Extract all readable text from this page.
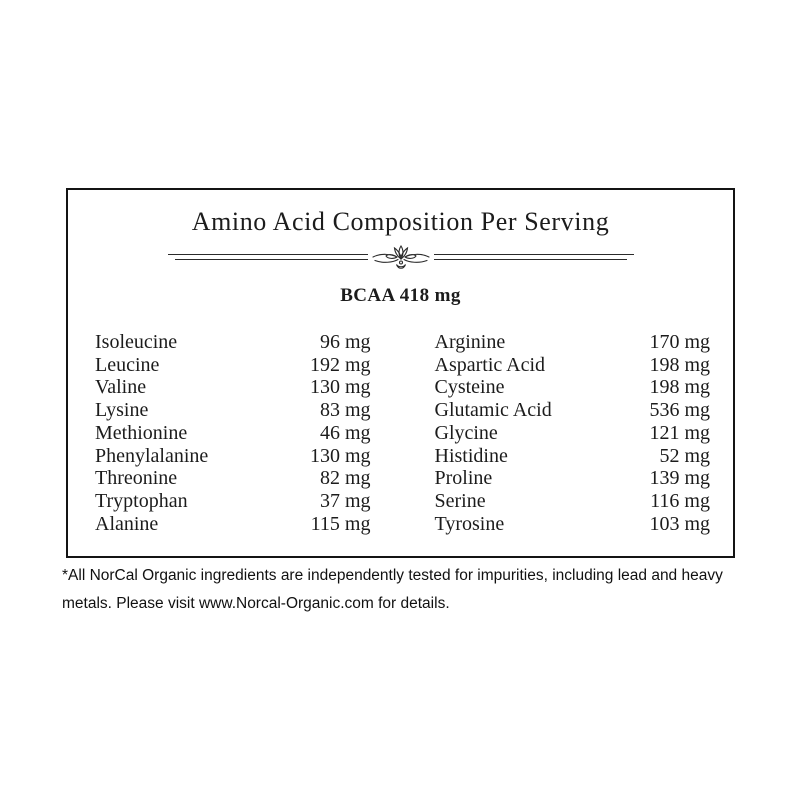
Amino Acid Composition Per Serving
BCAA 418 mg
Isoleucine	96 mg
Leucine	192 mg
Valine	130 mg
Lysine	83 mg
Methionine	46 mg
Phenylalanine	130 mg
Threonine	82 mg
Tryptophan	37 mg
Alanine	115 mg
Arginine	170 mg
Aspartic Acid	198 mg
Cysteine	198 mg
Glutamic Acid	536 mg
Glycine	121 mg
Histidine	52 mg
Proline	139 mg
Serine	116 mg
Tyrosine	103 mg

*All NorCal Organic ingredients are independently tested for impurities, including lead and heavy metals. Please visit www.Norcal-Organic.com for details.
